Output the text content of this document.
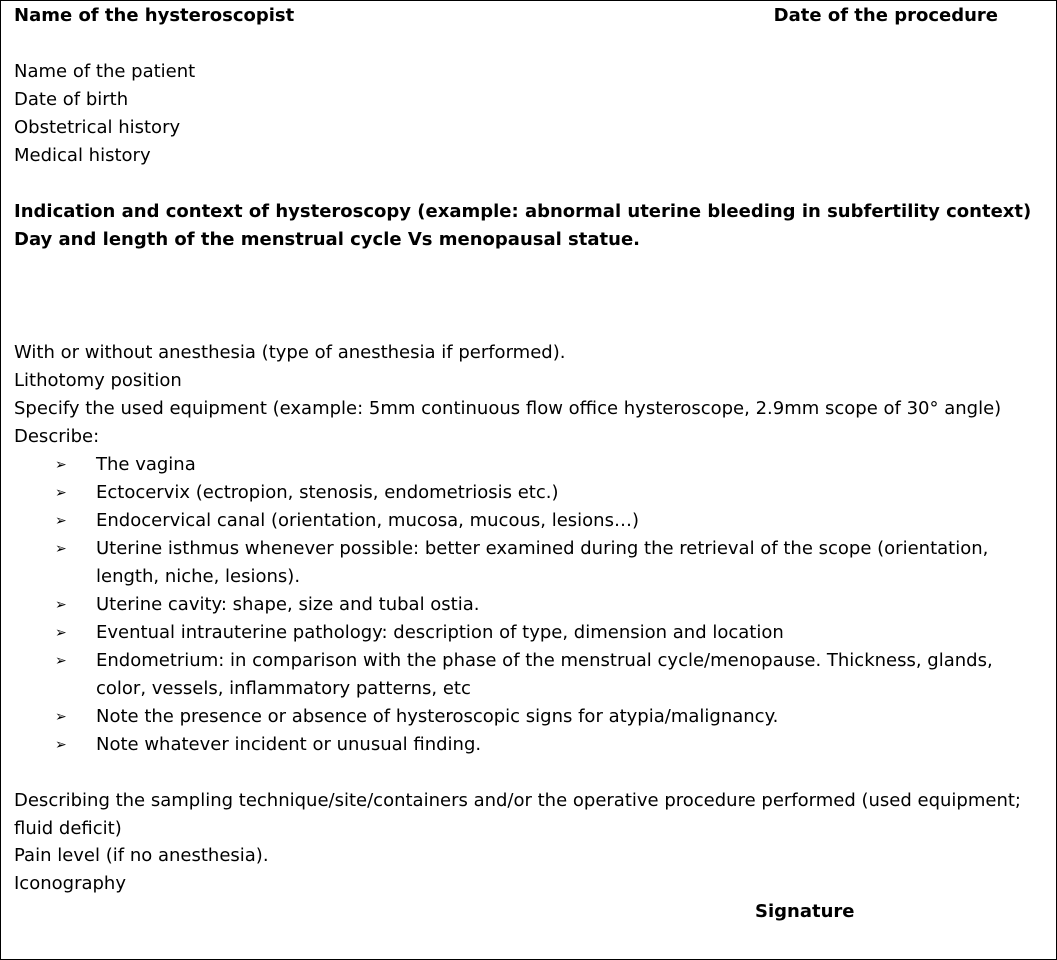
Name of the hysteroscopist	Date of the procedure
Name of the patient
Date of birth
Obstetrical history
Medical history
Indication and context of hysteroscopy (example: abnormal uterine bleeding in subfertility context)
Day and length of the menstrual cycle Vs menopausal statue.
With or without anesthesia (type of anesthesia if performed).
Lithotomy position
Specify the used equipment (example: 5mm continuous flow office hysteroscope, 2.9mm scope of 30° angle)
Describe:
➢ The vagina
➢ Ectocervix (ectropion, stenosis, endometriosis etc.)
➢ Endocervical canal (orientation, mucosa, mucous, lesions…)
➢ Uterine isthmus whenever possible: better examined during the retrieval of the scope (orientation, length, niche, lesions).
➢ Uterine cavity: shape, size and tubal ostia.
➢ Eventual intrauterine pathology: description of type, dimension and location
➢ Endometrium: in comparison with the phase of the menstrual cycle/menopause. Thickness, glands, color, vessels, inflammatory patterns, etc
➢ Note the presence or absence of hysteroscopic signs for atypia/malignancy.
➢ Note whatever incident or unusual finding.
Describing the sampling technique/site/containers and/or the operative procedure performed (used equipment; fluid deficit)
Pain level (if no anesthesia).
Iconography
Signature
